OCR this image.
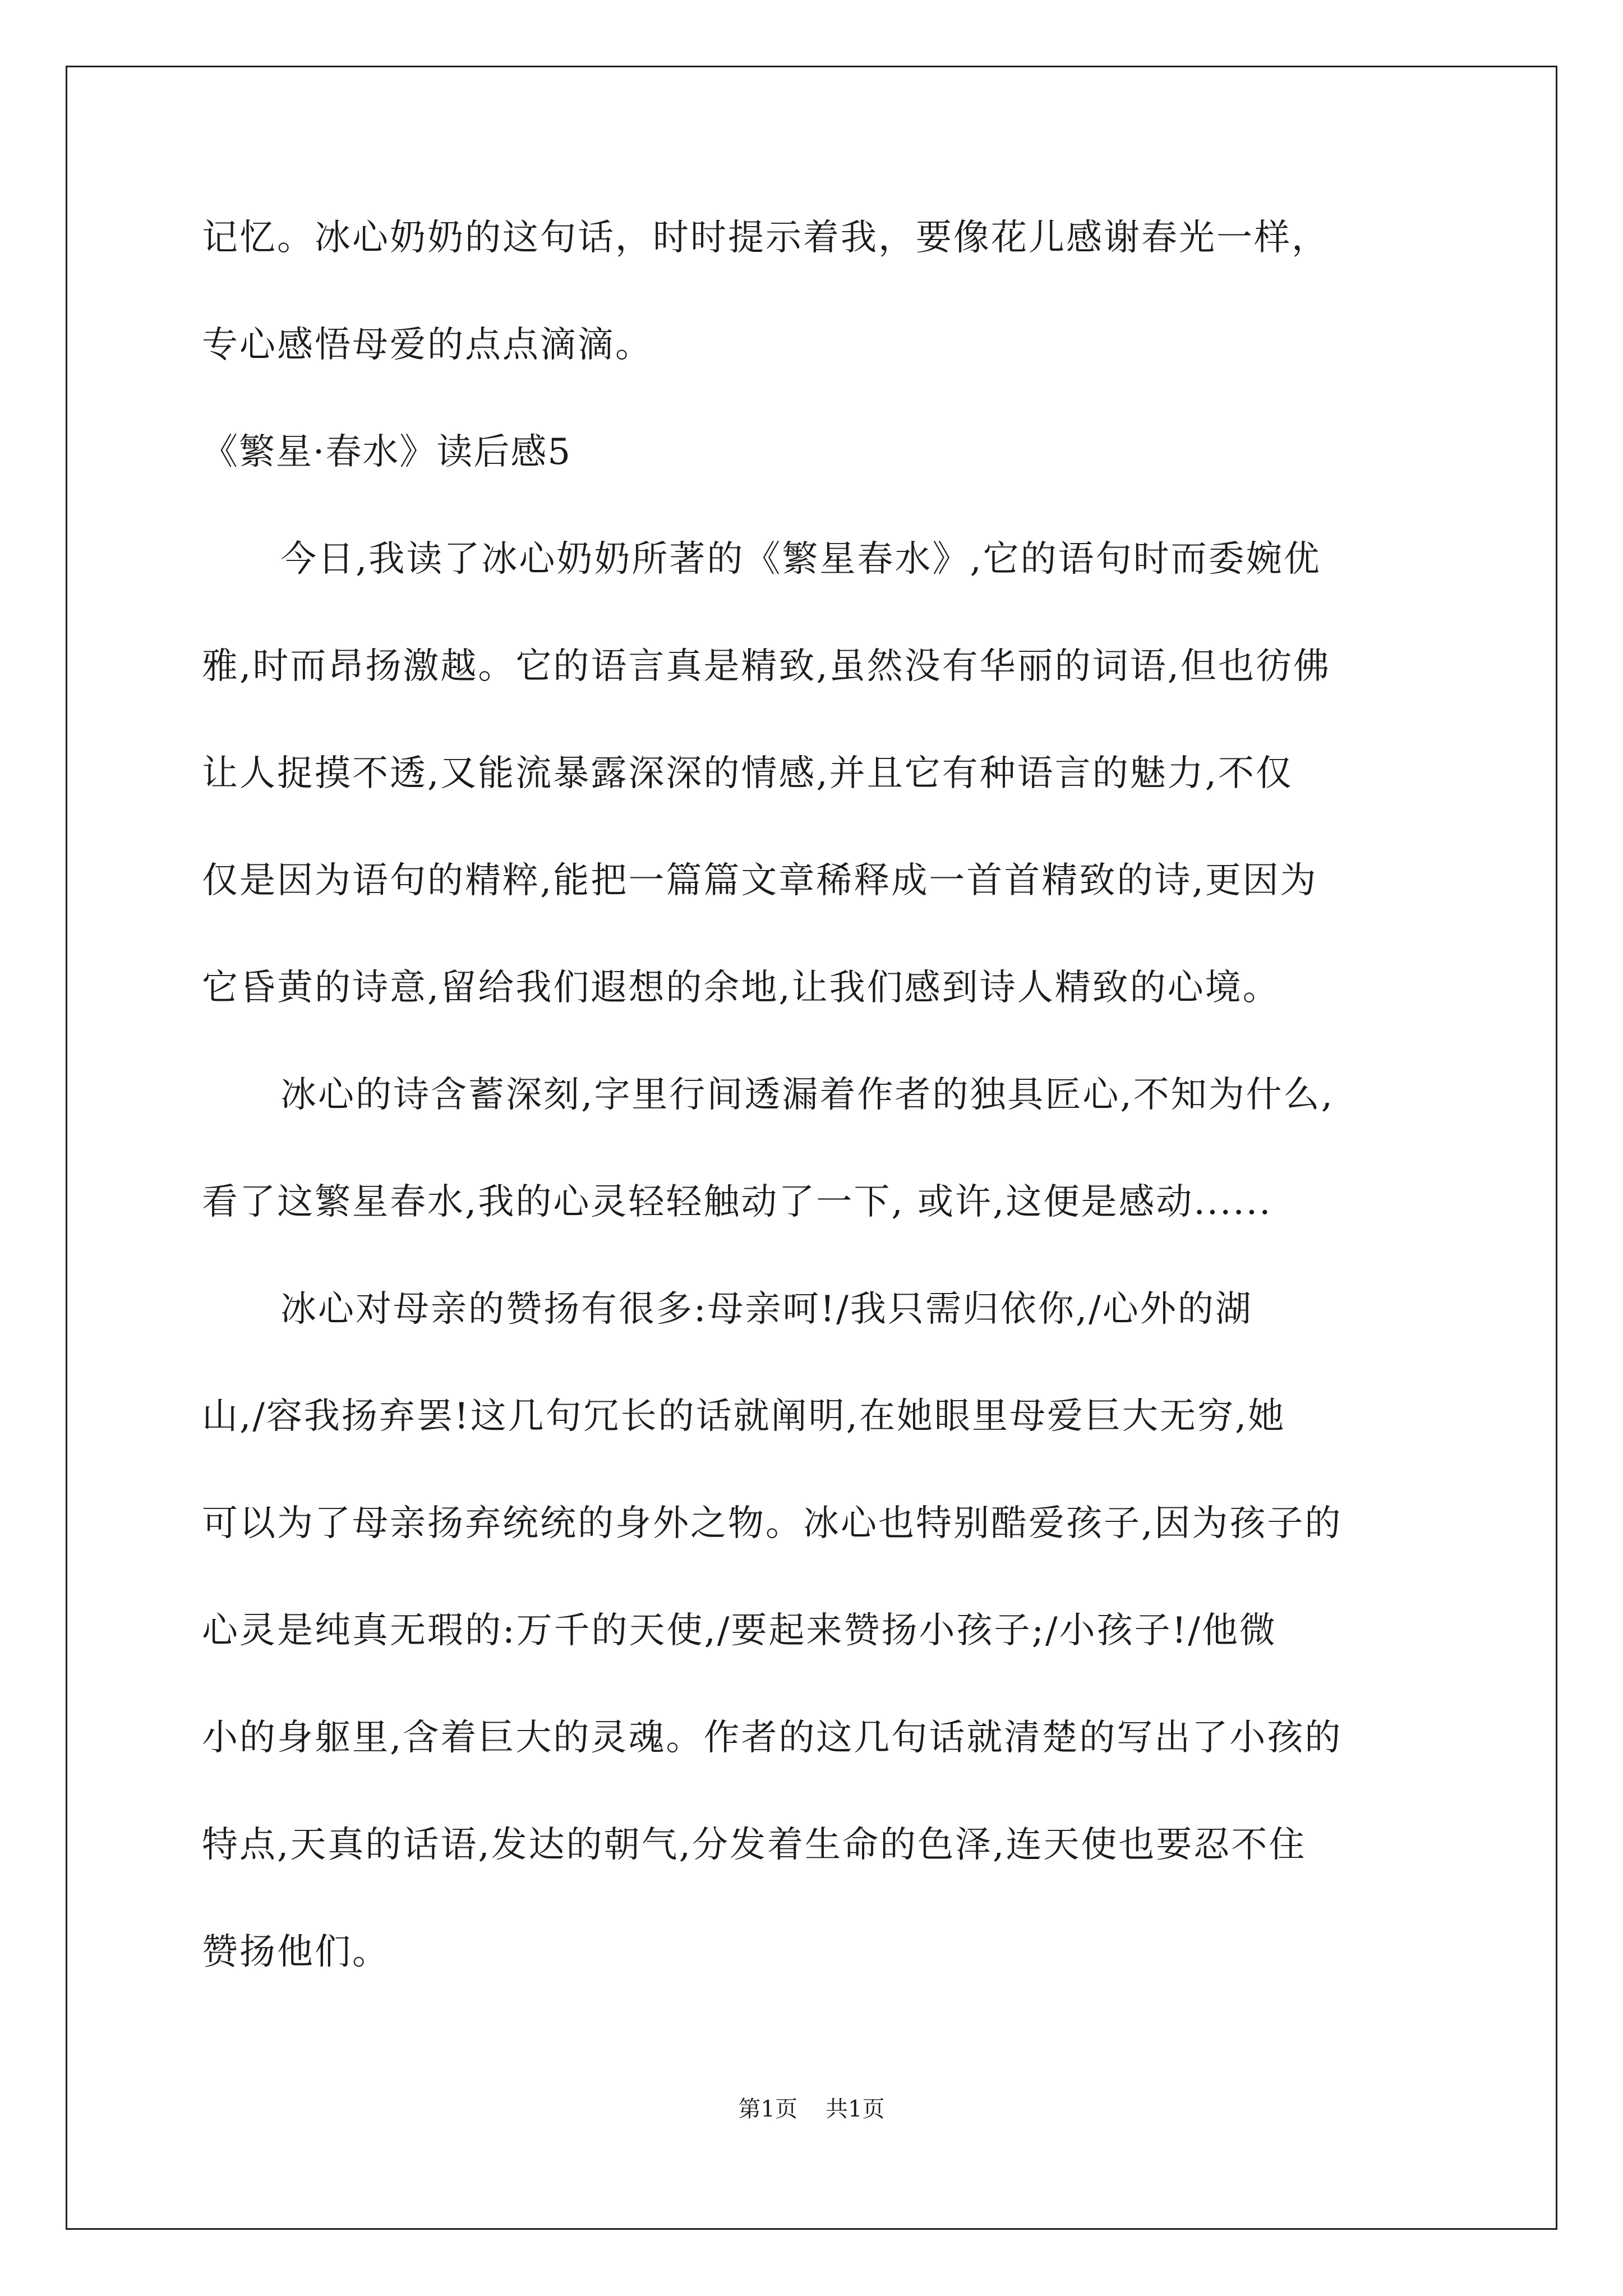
记忆。冰心奶奶的这句话，时时提示着我，要像花儿感谢春光一样，
专心感悟母爱的点点滴滴。
《繁星·春水》读后感5
今日,我读了冰心奶奶所著的《繁星春水》,它的语句时而委婉优
雅,时而昂扬激越。它的语言真是精致,虽然没有华丽的词语,但也彷佛
让人捉摸不透,又能流暴露深深的情感,并且它有种语言的魅力,不仅
仅是因为语句的精粹,能把一篇篇文章稀释成一首首精致的诗,更因为
它昏黄的诗意,留给我们遐想的余地,让我们感到诗人精致的心境。
冰心的诗含蓄深刻,字里行间透漏着作者的独具匠心,不知为什么,
看了这繁星春水,我的心灵轻轻触动了一下, 或许,这便是感动......
冰心对母亲的赞扬有很多:母亲呵!/我只需归依你,/心外的湖
山,/容我扬弃罢!这几句冗长的话就阐明,在她眼里母爱巨大无穷,她
可以为了母亲扬弃统统的身外之物。冰心也特别酷爱孩子,因为孩子的
心灵是纯真无瑕的:万千的天使,/要起来赞扬小孩子;/小孩子!/他微
小的身躯里,含着巨大的灵魂。作者的这几句话就清楚的写出了小孩的
特点,天真的话语,发达的朝气,分发着生命的色泽,连天使也要忍不住
赞扬他们。
第1页 共1页
